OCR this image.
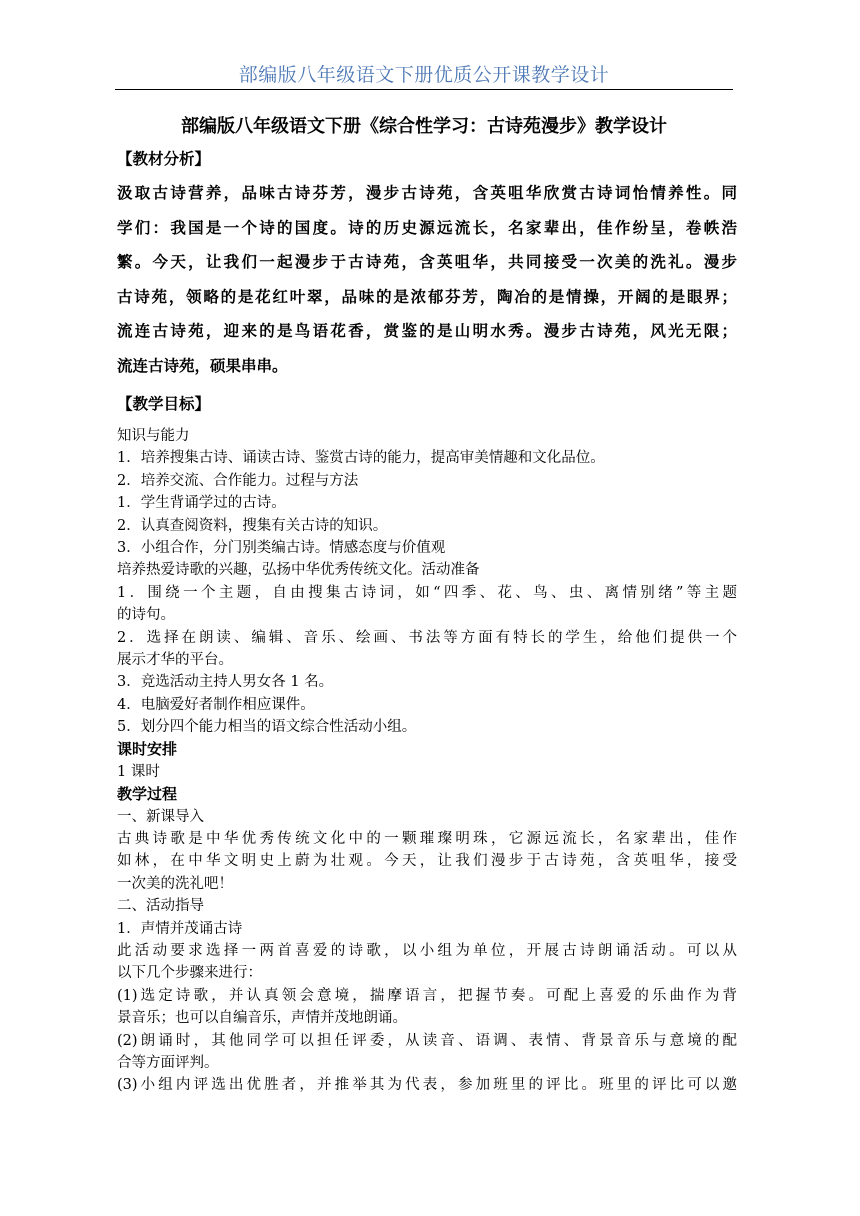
部编版八年级语文下册优质公开课教学设计
部编版八年级语文下册《综合性学习：古诗苑漫步》教学设计
【教材分析】
汲取古诗营养，品味古诗芬芳，漫步古诗苑，含英咀华欣赏古诗词怡情养性。同
学们：我国是一个诗的国度。诗的历史源远流长，名家辈出，佳作纷呈，卷帙浩
繁。今天，让我们一起漫步于古诗苑，含英咀华，共同接受一次美的洗礼。漫步
古诗苑，领略的是花红叶翠，品味的是浓郁芬芳，陶冶的是情操，开阔的是眼界；
流连古诗苑，迎来的是鸟语花香，赏鉴的是山明水秀。漫步古诗苑，风光无限；
流连古诗苑，硕果串串。
【教学目标】
知识与能力
1．培养搜集古诗、诵读古诗、鉴赏古诗的能力，提高审美情趣和文化品位。
2．培养交流、合作能力。过程与方法
1．学生背诵学过的古诗。
2．认真查阅资料，搜集有关古诗的知识。
3．小组合作，分门别类编古诗。情感态度与价值观
培养热爱诗歌的兴趣，弘扬中华优秀传统文化。活动准备
1．围绕一个主题，自由搜集古诗词，如“四季、花、鸟、虫、离情别绪”等主题
的诗句。
2．选择在朗读、编辑、音乐、绘画、书法等方面有特长的学生，给他们提供一个
展示才华的平台。
3．竞选活动主持人男女各 1 名。
4．电脑爱好者制作相应课件。
5．划分四个能力相当的语文综合性活动小组。
课时安排
1 课时
教学过程
一、新课导入
古典诗歌是中华优秀传统文化中的一颗璀璨明珠，它源远流长，名家辈出，佳作
如林，在中华文明史上蔚为壮观。今天，让我们漫步于古诗苑，含英咀华，接受
一次美的洗礼吧！
二、活动指导
1．声情并茂诵古诗
此活动要求选择一两首喜爱的诗歌，以小组为单位，开展古诗朗诵活动。可以从
以下几个步骤来进行：
(1)选定诗歌，并认真领会意境，揣摩语言，把握节奏。可配上喜爱的乐曲作为背
景音乐；也可以自编音乐，声情并茂地朗诵。
(2)朗诵时，其他同学可以担任评委，从读音、语调、表情、背景音乐与意境的配
合等方面评判。
(3)小组内评选出优胜者，并推举其为代表，参加班里的评比。班里的评比可以邀
